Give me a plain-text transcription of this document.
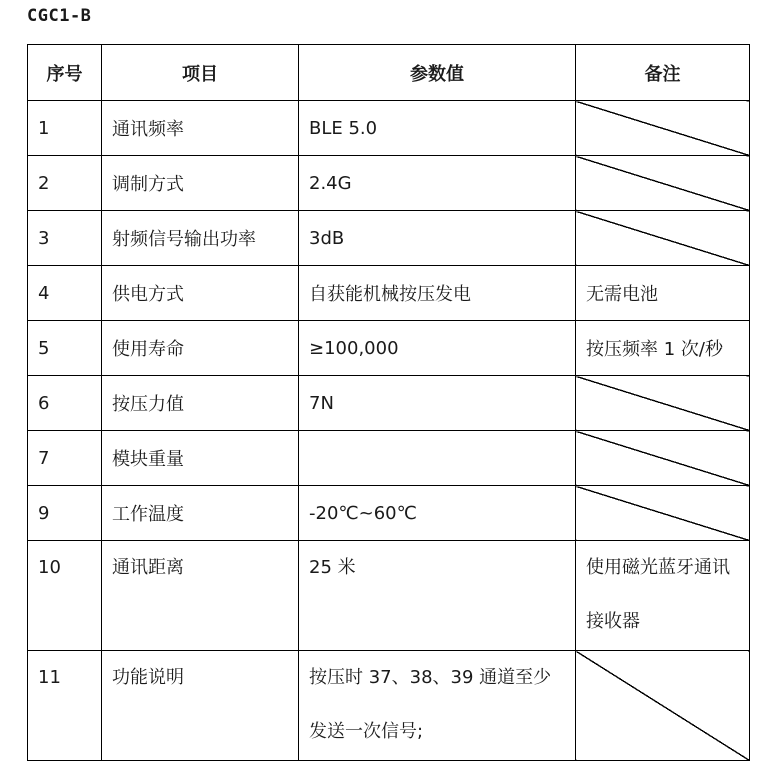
CGC1-B
序号	项目	参数值	备注
1	通讯频率	BLE 5.0	
2	调制方式	2.4G	
3	射频信号输出功率	3dB	
4	供电方式	自获能机械按压发电	无需电池
5	使用寿命	≥100,000	按压频率 1 次/秒
6	按压力值	7N	
7	模块重量		
9	工作温度	-20℃~60℃	

10	通讯距离	25 米	使用磁光蓝牙通讯接收器

11	功能说明	按压时 37、38、39 通道至少发送一次信号;	
